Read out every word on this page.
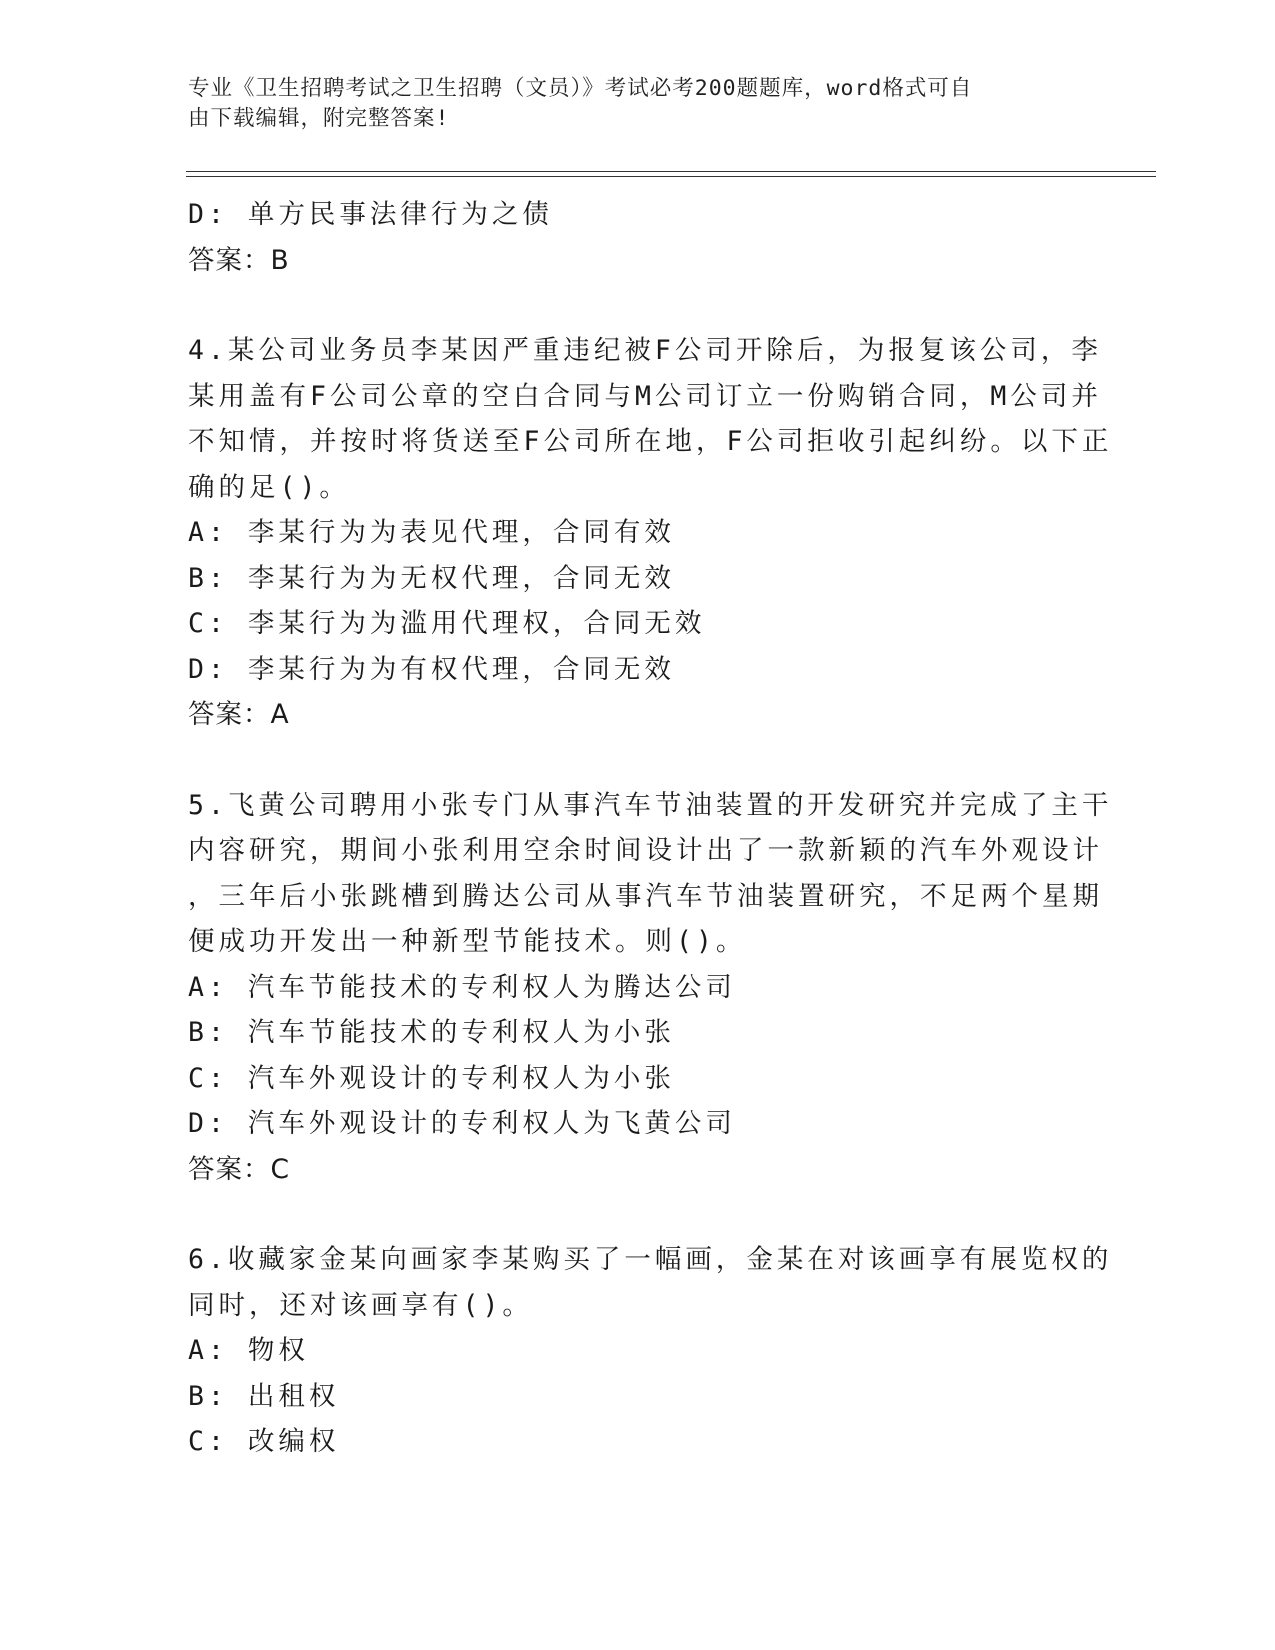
专业《卫生招聘考试之卫生招聘（文员）》考试必考200题题库，word格式可自
由下载编辑，附完整答案!
D: 单方民事法律行为之债
答案：B
4.某公司业务员李某因严重违纪被F公司开除后，为报复该公司，李
某用盖有F公司公章的空白合同与M公司订立一份购销合同，M公司并
不知情，并按时将货送至F公司所在地，F公司拒收引起纠纷。以下正
确的足()。
A: 李某行为为表见代理，合同有效
B: 李某行为为无权代理，合同无效
C: 李某行为为滥用代理权，合同无效
D: 李某行为为有权代理，合同无效
答案：A
5.飞黄公司聘用小张专门从事汽车节油装置的开发研究并完成了主干
内容研究，期间小张利用空余时间设计出了一款新颖的汽车外观设计
，三年后小张跳槽到腾达公司从事汽车节油装置研究，不足两个星期
便成功开发出一种新型节能技术。则()。
A: 汽车节能技术的专利权人为腾达公司
B: 汽车节能技术的专利权人为小张
C: 汽车外观设计的专利权人为小张
D: 汽车外观设计的专利权人为飞黄公司
答案：C
6.收藏家金某向画家李某购买了一幅画，金某在对该画享有展览权的
同时，还对该画享有()。
A: 物权
B: 出租权
C: 改编权
